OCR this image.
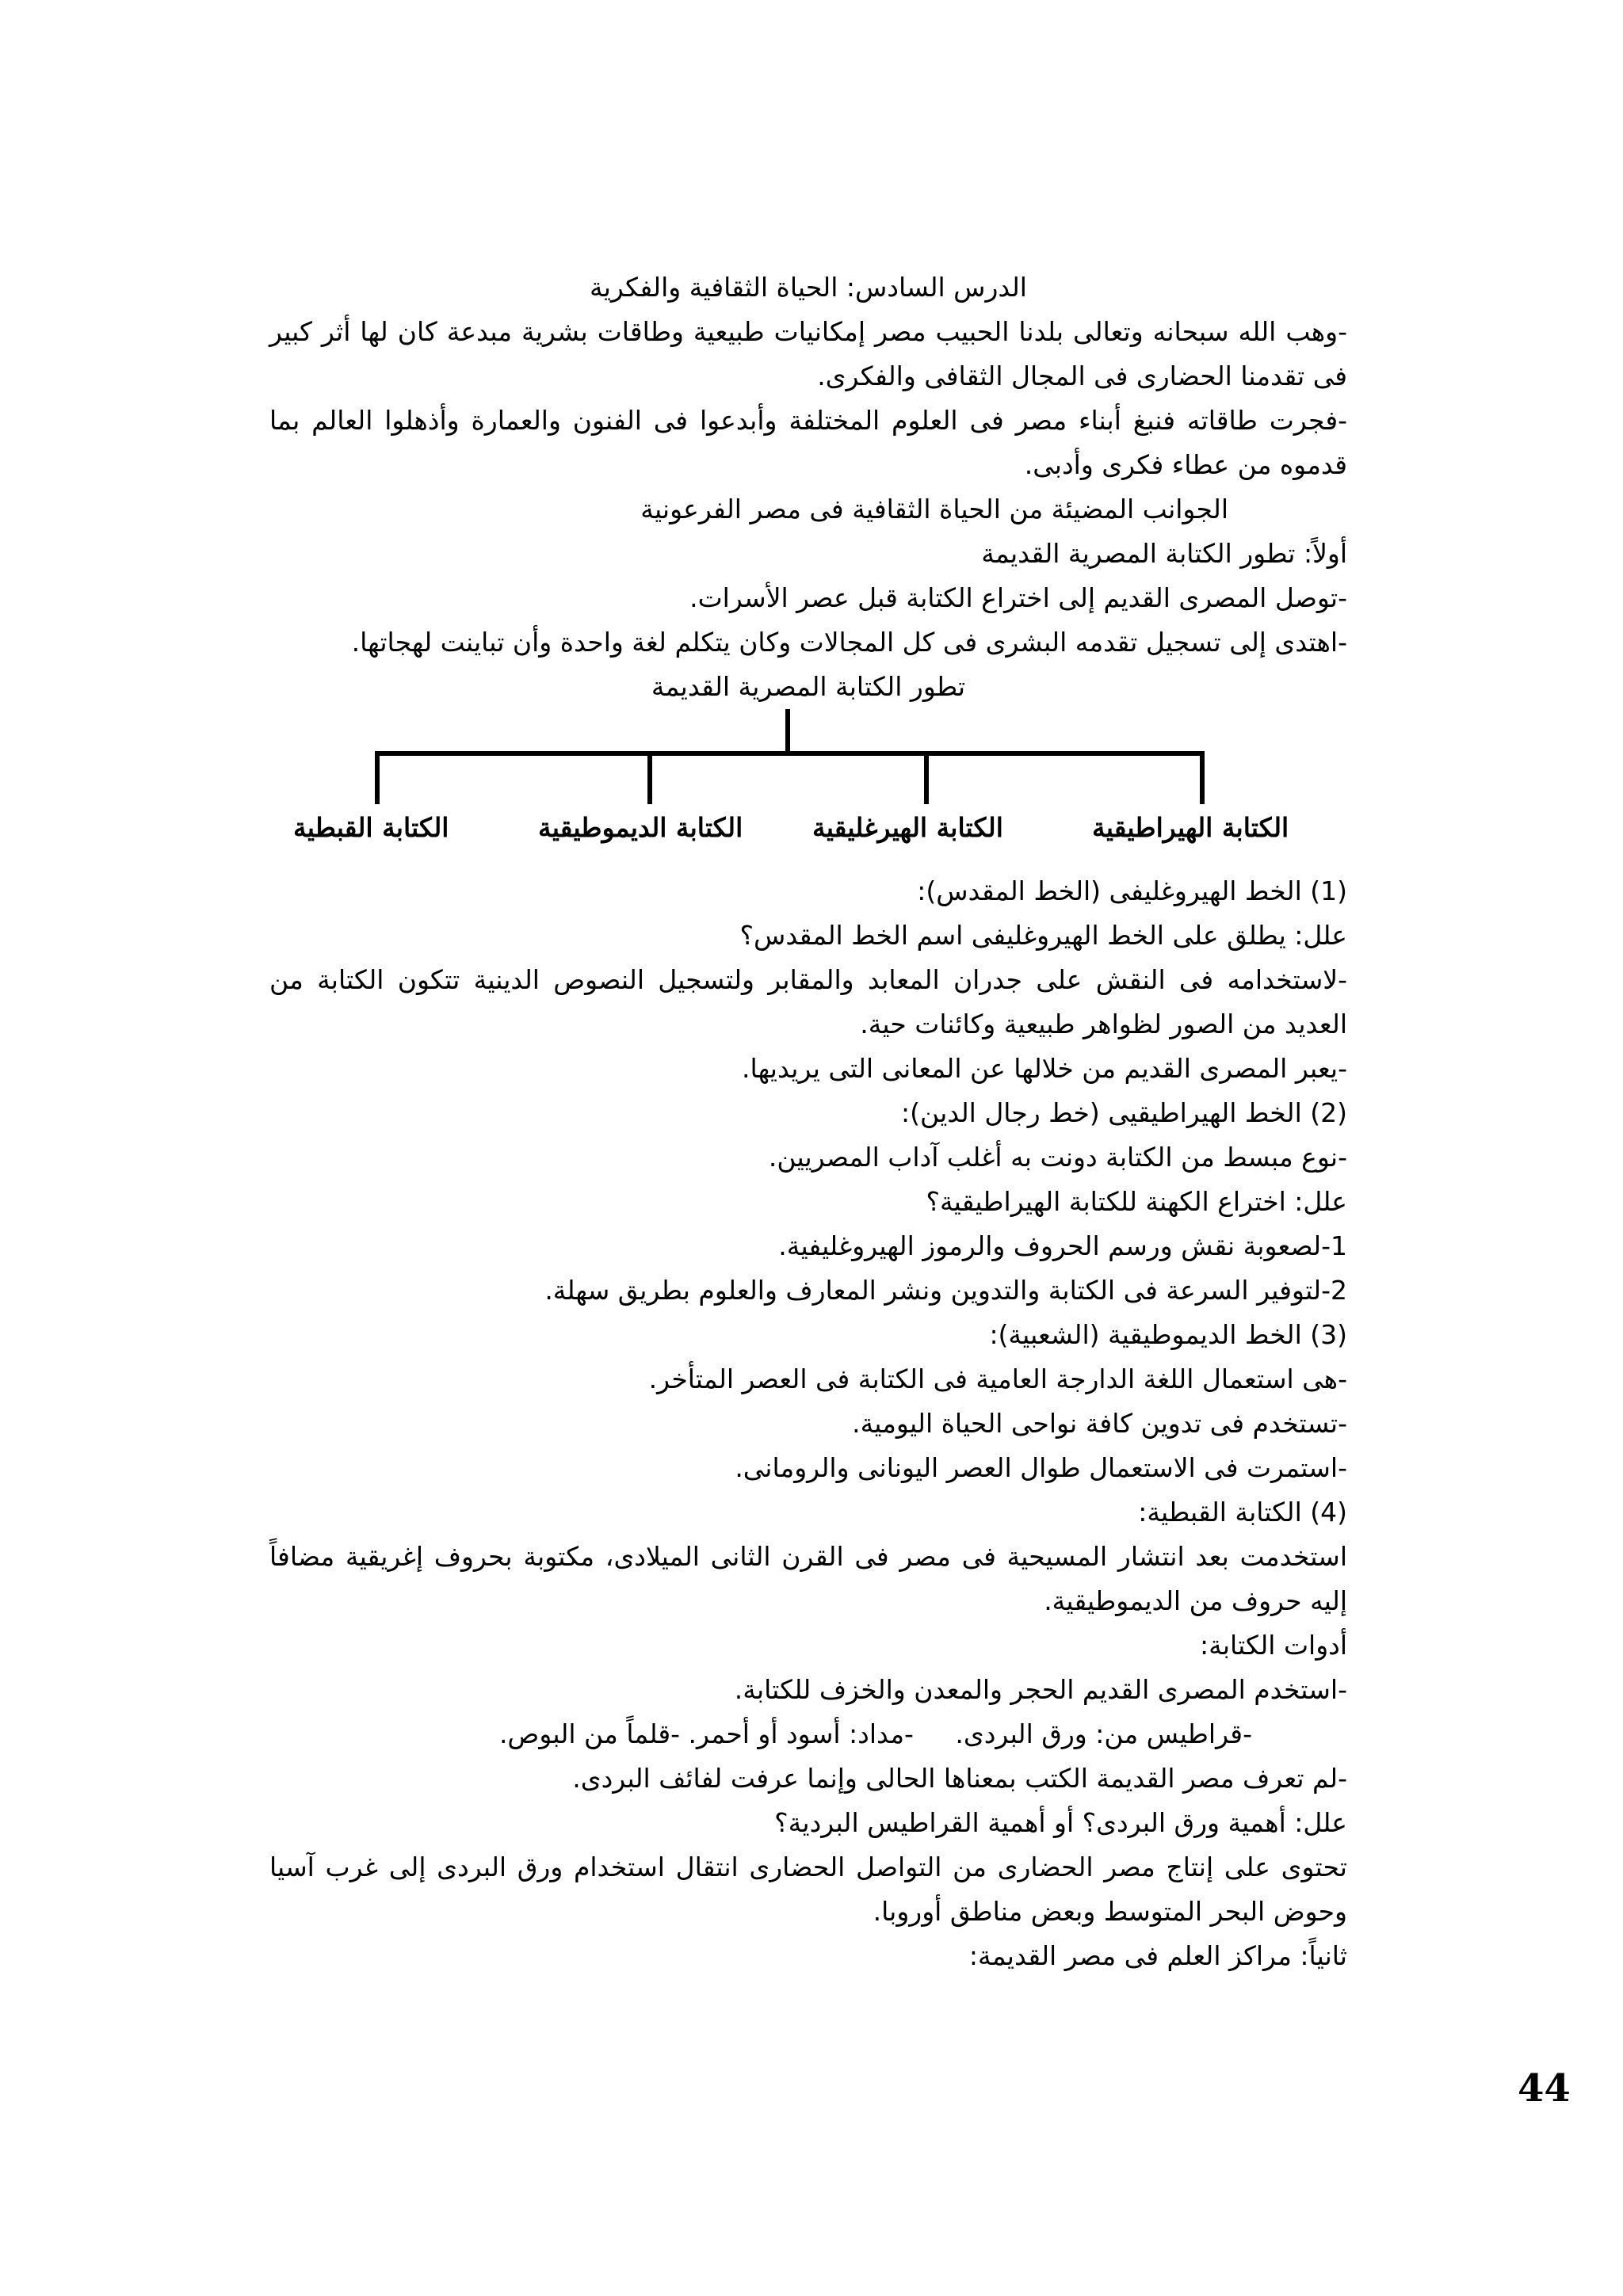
الدرس السادس: الحياة الثقافية والفكرية

-وهب الله سبحانه وتعالى بلدنا الحبيب مصر إمكانيات طبيعية وطاقات بشرية مبدعة كان لها أثر كبير فى تقدمنا الحضارى فى المجال الثقافى والفكرى.

-فجرت طاقاته فنبغ أبناء مصر فى العلوم المختلفة وأبدعوا فى الفنون والعمارة وأذهلوا العالم بما قدموه من عطاء فكرى وأدبى.

الجوانب المضيئة من الحياة الثقافية فى مصر الفرعونية

أولاً: تطور الكتابة المصرية القديمة

-توصل المصرى القديم إلى اختراع الكتابة قبل عصر الأسرات.

-اهتدى إلى تسجيل تقدمه البشرى فى كل المجالات وكان يتكلم لغة واحدة وأن تباينت لهجاتها.

تطور الكتابة المصرية القديمة
الكتابة الهيراطيقية
الكتابة الهيرغليقية
الكتابة الديموطيقية
الكتابة القبطية

(1) الخط الهيروغليفى (الخط المقدس):

علل: يطلق على الخط الهيروغليفى اسم الخط المقدس؟

-لاستخدامه فى النقش على جدران المعابد والمقابر ولتسجيل النصوص الدينية تتكون الكتابة من العديد من الصور لظواهر طبيعية وكائنات حية.

-يعبر المصرى القديم من خلالها عن المعانى التى يريديها.

(2) الخط الهيراطيقيى (خط رجال الدين):

-نوع مبسط من الكتابة دونت به أغلب آداب المصريين.

علل: اختراع الكهنة للكتابة الهيراطيقية؟

1-لصعوبة نقش ورسم الحروف والرموز الهيروغليفية.

2-لتوفير السرعة فى الكتابة والتدوين ونشر المعارف والعلوم بطريق سهلة.

(3) الخط الديموطيقية (الشعبية):

-هى استعمال اللغة الدارجة العامية فى الكتابة فى العصر المتأخر.

-تستخدم فى تدوين كافة نواحى الحياة اليومية.

-استمرت فى الاستعمال طوال العصر اليونانى والرومانى.

(4) الكتابة القبطية:

استخدمت بعد انتشار المسيحية فى مصر فى القرن الثانى الميلادى، مكتوبة بحروف إغريقية مضافاً إليه حروف من الديموطيقية.

أدوات الكتابة:

-استخدم المصرى القديم الحجر والمعدن والخزف للكتابة.

-قراطيس من: ورق البردى.     -مداد: أسود أو أحمر. -قلماً من البوص.

-لم تعرف مصر القديمة الكتب بمعناها الحالى وإنما عرفت لفائف البردى.

علل: أهمية ورق البردى؟ أو أهمية القراطيس البردية؟

تحتوى على إنتاج مصر الحضارى من التواصل الحضارى انتقال استخدام ورق البردى إلى غرب آسيا وحوض البحر المتوسط وبعض مناطق أوروبا.

ثانياً: مراكز العلم فى مصر القديمة:

44
